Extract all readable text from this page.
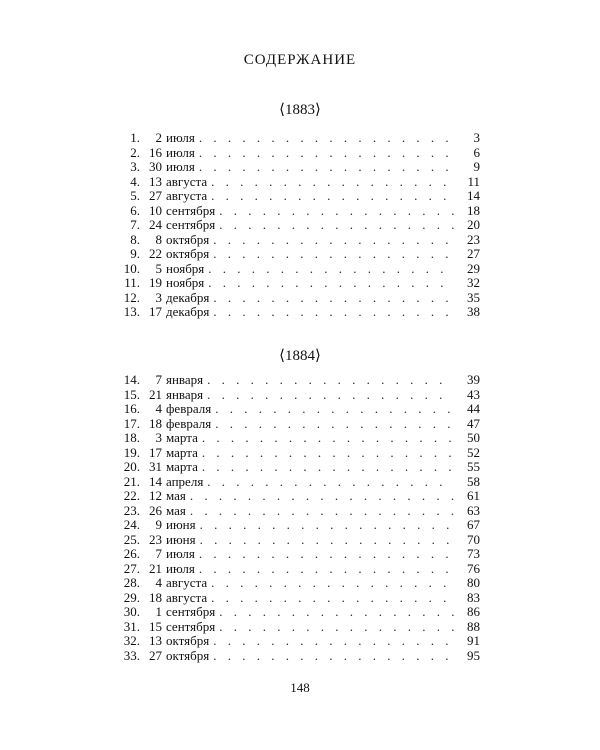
СОДЕРЖАНИЕ
⟨1883⟩
1.	2 июля . . .	3
2. 16 июля . . .	6
3. 30 июля . . .	9
4. 13 августа . . .	11
5. 27 августа . . .	14
6. 10 сентября . . .	18
7. 24 сентября . . .	20
8.	8 октября . . .	23
9. 22 октября . . .	27
10.	5 ноября . . .	29
11. 19 ноября . . .	32
12.	3 декабря . . .	35
13. 17 декабря . . .	38
⟨1884⟩
14.	7 января . . .	39
15. 21 января . . .	43
16.	4 февраля . . .	44
17. 18 февраля . . .	47
18.	3 марта . . .	50
19. 17 марта . . .	52
20. 31 марта . . .	55
21. 14 апреля . . .	58
22. 12 мая . . .	61
23. 26 мая . . .	63
24.	9 июня . . .	67
25. 23 июня . . .	70
26.	7 июля . . .	73
27. 21 июля . . .	76
28.	4 августа . . .	80
29. 18 августа . . .	83
30.	1 сентября . . .	86
31. 15 сентября . . .	88
32. 13 октября . . .	91
33. 27 октября . . .	95
148
